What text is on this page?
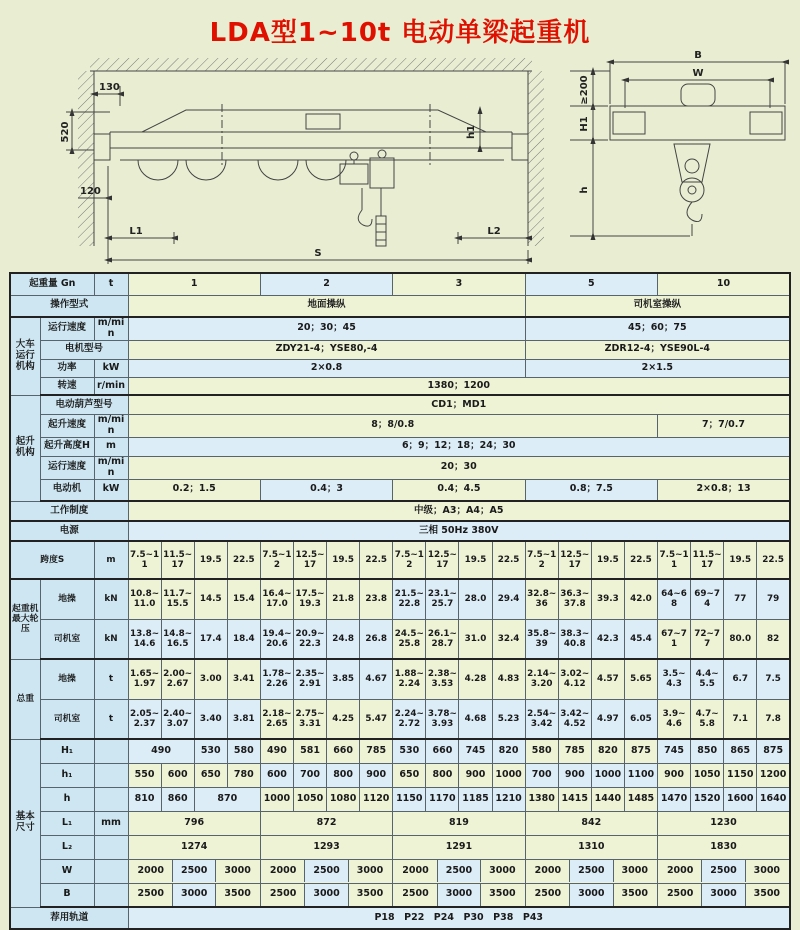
LDA型1~10t 电动单梁起重机
130
520
120
L1	L2
S
h1
≥200
H1
h
B
W
起重量 Gn		t	1				2				3				5				10			
操作型式			地面操纵												司机室操纵							
大车运行机构	运行速度	m/min	20；30；45												45；60；75							
	电机型号		ZDY21-4；YSE80,-4												ZDR12-4；YSE90L-4							
	功率	kW	2×0.8												2×1.5							
	转速	r/min	1380；1200																			
起升机构	电动葫芦型号		CD1；MD1																			
	起升速度	m/min	8；8/0.8																7；7/0.7			
	起升高度H	m	6；9；12；18；24；30																			
	运行速度	m/min	20；30																			
	电动机	kW	0.2；1.5				0.4；3				0.4；4.5				0.8；7.5				2×0.8；13			
工作制度			中级；A3；A4；A5																			
电源			三相 50Hz 380V																			
跨度S		m	7.5~11	11.5~17	19.5	22.5	7.5~12	12.5~17	19.5	22.5	7.5~12	12.5~17	19.5	22.5	7.5~12	12.5~17	19.5	22.5	7.5~11	11.5~17	19.5	22.5
起重机最大轮压	地操	kN	10.8~11.0	11.7~15.5	14.5	15.4	16.4~17.0	17.5~19.3	21.8	23.8	21.5~22.8	23.1~25.7	28.0	29.4	32.8~36	36.3~37.8	39.3	42.0	64~68	69~74	77	79
	司机室	kN	13.8~14.6	14.8~16.5	17.4	18.4	19.4~20.6	20.9~22.3	24.8	26.8	24.5~25.8	26.1~28.7	31.0	32.4	35.8~39	38.3~40.8	42.3	45.4	67~71	72~77	80.0	82
总重	地操	t	1.65~1.97	2.00~2.67	3.00	3.41	1.78~2.26	2.35~2.91	3.85	4.67	1.88~2.24	2.38~3.53	4.28	4.83	2.14~3.20	3.02~4.12	4.57	5.65	3.5~4.3	4.4~5.5	6.7	7.5
	司机室	t	2.05~2.37	2.40~3.07	3.40	3.81	2.18~2.65	2.75~3.31	4.25	5.47	2.24~2.72	3.78~3.93	4.68	5.23	2.54~3.42	3.42~4.52	4.97	6.05	3.9~4.6	4.7~5.8	7.1	7.8
基本尺寸	H₁		490		530	580	490	581	660	785	530	660	745	820	580	785	820	875	745	850	865	875
	h₁		550	600	650	780	600	700	800	900	650	800	900	1000	700	900	1000	1100	900	1050	1150	1200
	h		810	860	870		1000	1050	1080	1120	1150	1170	1185	1210	1380	1415	1440	1485	1470	1520	1600	1640
	L₁	mm	796				872				819				842				1230			
	L₂		1274				1293				1291				1310				1830			
W		2000	2500	3000	2000	2500	3000	2000	2500	3000	2000	2500	3000	2000	2500	3000

B		2500	3000	3500	2500	3000	3500	2500	3000	3500	2500	3000	3500	2500	3000	3500

荐用轨道			P18　P22　P24　P30　P38　P43																			
